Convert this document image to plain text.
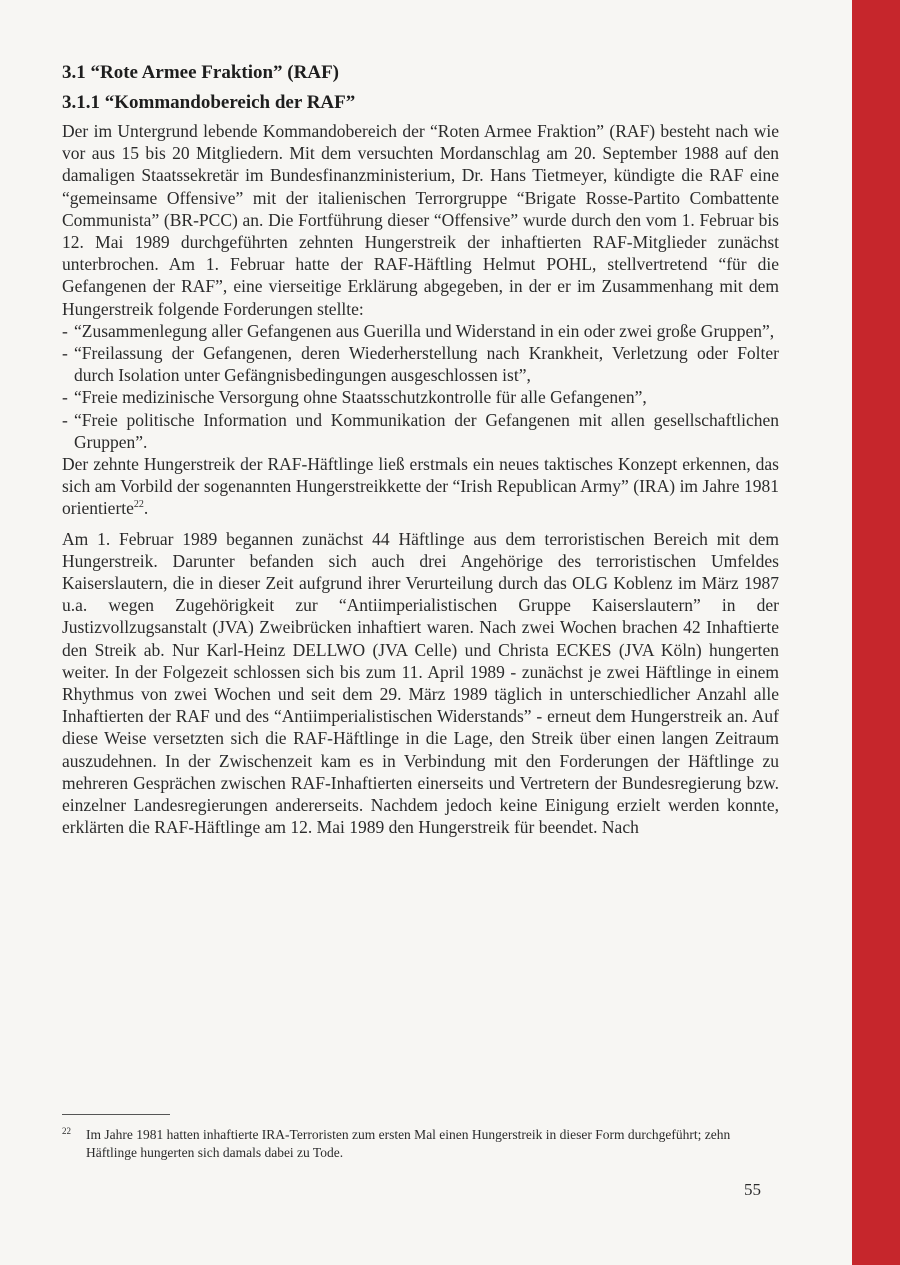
3.1 “Rote Armee Fraktion” (RAF)
3.1.1 “Kommandobereich der RAF”

Der im Untergrund lebende Kommandobereich der “Roten Armee Fraktion” (RAF) besteht nach wie vor aus 15 bis 20 Mitgliedern. Mit dem versuchten Mordanschlag am 20. September 1988 auf den damaligen Staatssekretär im Bundesfinanzministerium, Dr. Hans Tietmeyer, kündigte die RAF eine “gemeinsame Offensive” mit der italienischen Terrorgruppe “Brigate Rosse-Partito Combattente Communista” (BR-PCC) an. Die Fortführung dieser “Offensive” wurde durch den vom 1. Februar bis 12. Mai 1989 durchgeführten zehnten Hungerstreik der inhaftierten RAF-Mitglieder zunächst unterbrochen. Am 1. Februar hatte der RAF-Häftling Helmut POHL, stellvertretend “für die Gefangenen der RAF”, eine vierseitige Erklärung abgegeben, in der er im Zusammenhang mit dem Hungerstreik folgende Forderungen stellte:

- “Zusammenlegung aller Gefangenen aus Guerilla und Widerstand in ein oder zwei große Gruppen”,
- “Freilassung der Gefangenen, deren Wiederherstellung nach Krankheit, Verletzung oder Folter durch Isolation unter Gefängnisbedingungen ausgeschlossen ist”,
- “Freie medizinische Versorgung ohne Staatsschutzkontrolle für alle Gefangenen”,
- “Freie politische Information und Kommunikation der Gefangenen mit allen gesellschaftlichen Gruppen”.

Der zehnte Hungerstreik der RAF-Häftlinge ließ erstmals ein neues taktisches Konzept erkennen, das sich am Vorbild der sogenannten Hungerstreikkette der “Irish Republican Army” (IRA) im Jahre 1981 orientierte$^{22}$.

Am 1. Februar 1989 begannen zunächst 44 Häftlinge aus dem terroristischen Bereich mit dem Hungerstreik. Darunter befanden sich auch drei Angehörige des terroristischen Umfeldes Kaiserslautern, die in dieser Zeit aufgrund ihrer Verurteilung durch das OLG Koblenz im März 1987 u.a. wegen Zugehörigkeit zur “Antiimperialistischen Gruppe Kaiserslautern” in der Justizvollzugsanstalt (JVA) Zweibrücken inhaftiert waren. Nach zwei Wochen brachen 42 Inhaftierte den Streik ab. Nur Karl-Heinz DELLWO (JVA Celle) und Christa ECKES (JVA Köln) hungerten weiter. In der Folgezeit schlossen sich bis zum 11. April 1989 - zunächst je zwei Häftlinge in einem Rhythmus von zwei Wochen und seit dem 29. März 1989 täglich in unterschiedlicher Anzahl alle Inhaftierten der RAF und des “Antiimperialistischen Widerstands” - erneut dem Hungerstreik an. Auf diese Weise versetzten sich die RAF-Häftlinge in die Lage, den Streik über einen langen Zeitraum auszudehnen. In der Zwischenzeit kam es in Verbindung mit den Forderungen der Häftlinge zu mehreren Gesprächen zwischen RAF-Inhaftierten einerseits und Vertretern der Bundesregierung bzw. einzelner Landesregierungen andererseits. Nachdem jedoch keine Einigung erzielt werden konnte, erklärten die RAF-Häftlinge am 12. Mai 1989 den Hungerstreik für beendet. Nach

22	Im Jahre 1981 hatten inhaftierte IRA-Terroristen zum ersten Mal einen Hungerstreik in dieser Form durchgeführt; zehn Häftlinge hungerten sich damals dabei zu Tode.
55
